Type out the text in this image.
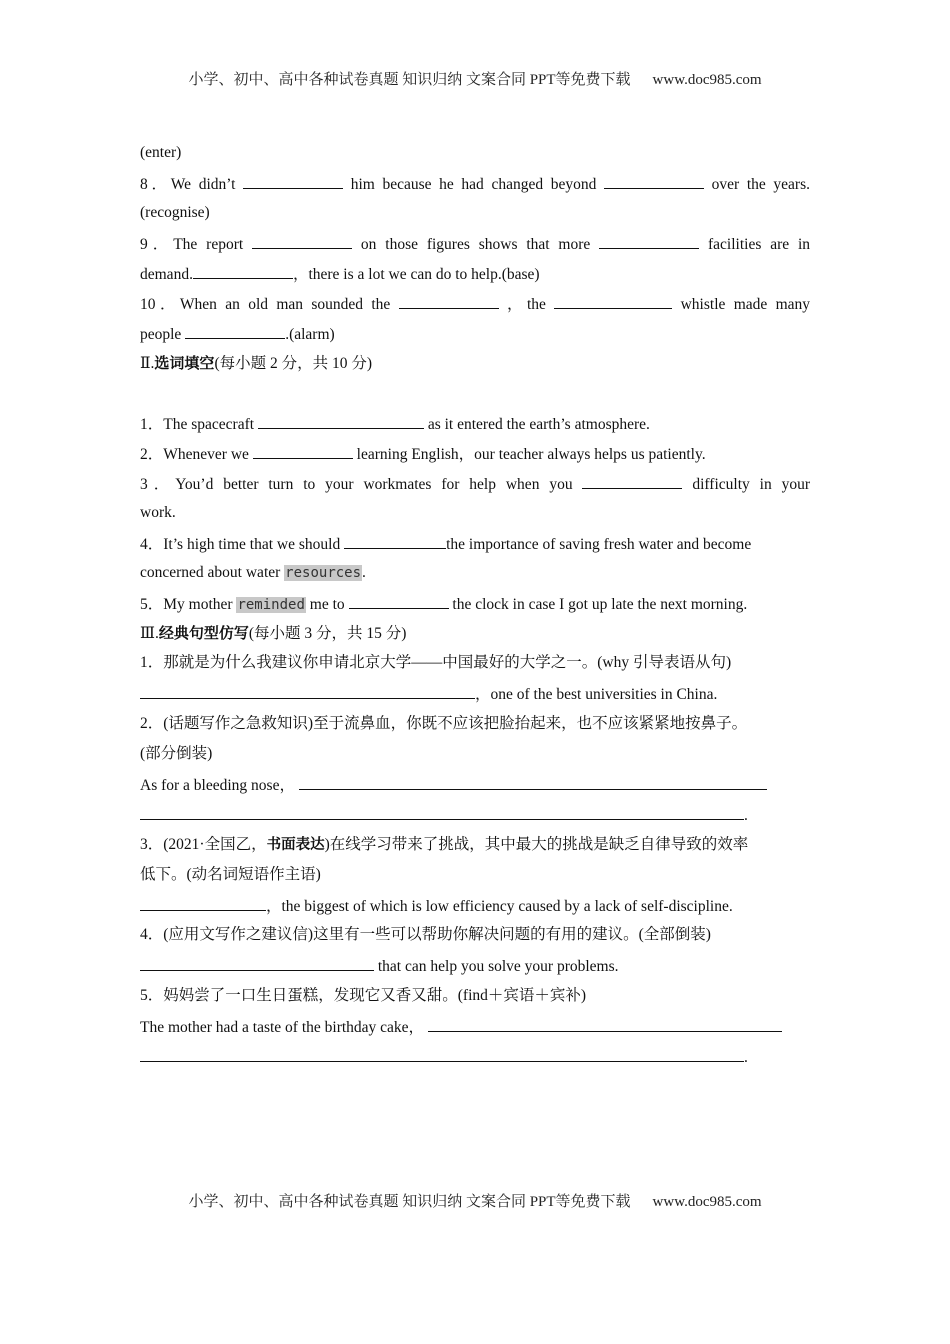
小学、初中、高中各种试卷真题 知识归纳 文案合同 PPT等免费下载 www.doc985.com
(enter)
8．We didn’t	him because he had changed beyond	over the years.
(recognise)
9．The report	on those figures shows that more	facilities are in
demand.	，there is a lot we can do to help.(base)
10．When an old man sounded the	，the	whistle made many
people	.(alarm)
Ⅱ.选词填空(每小题 2 分，共 10 分)
1．The spacecraft	as it entered the earth’s atmosphere.
2．Whenever we	learning English，our teacher always helps us patiently.
3．You’d better turn to your workmates for help when you	difficulty in your
work.
4．It’s high time that we should	the importance of saving fresh water and become
concerned about water resources.
5．My mother reminded me to	the clock in case I got up late the next morning.
Ⅲ.经典句型仿写(每小题 3 分，共 15 分)
1．那就是为什么我建议你申请北京大学——中国最好的大学之一。(why 引导表语从句)
，one of the best universities in China.
2．(话题写作之急救知识)至于流鼻血，你既不应该把脸抬起来，也不应该紧紧地按鼻子。
(部分倒装)
As for a bleeding nose，
.
3．(2021·全国乙，书面表达)在线学习带来了挑战，其中最大的挑战是缺乏自律导致的效率
低下。(动名词短语作主语)
，the biggest of which is low efficiency caused by a lack of self-discipline.
4．(应用文写作之建议信)这里有一些可以帮助你解决问题的有用的建议。(全部倒装)
that can help you solve your problems.
5．妈妈尝了一口生日蛋糕，发现它又香又甜。(find＋宾语＋宾补)
The mother had a taste of the birthday cake，
.
小学、初中、高中各种试卷真题 知识归纳 文案合同 PPT等免费下载 www.doc985.com
